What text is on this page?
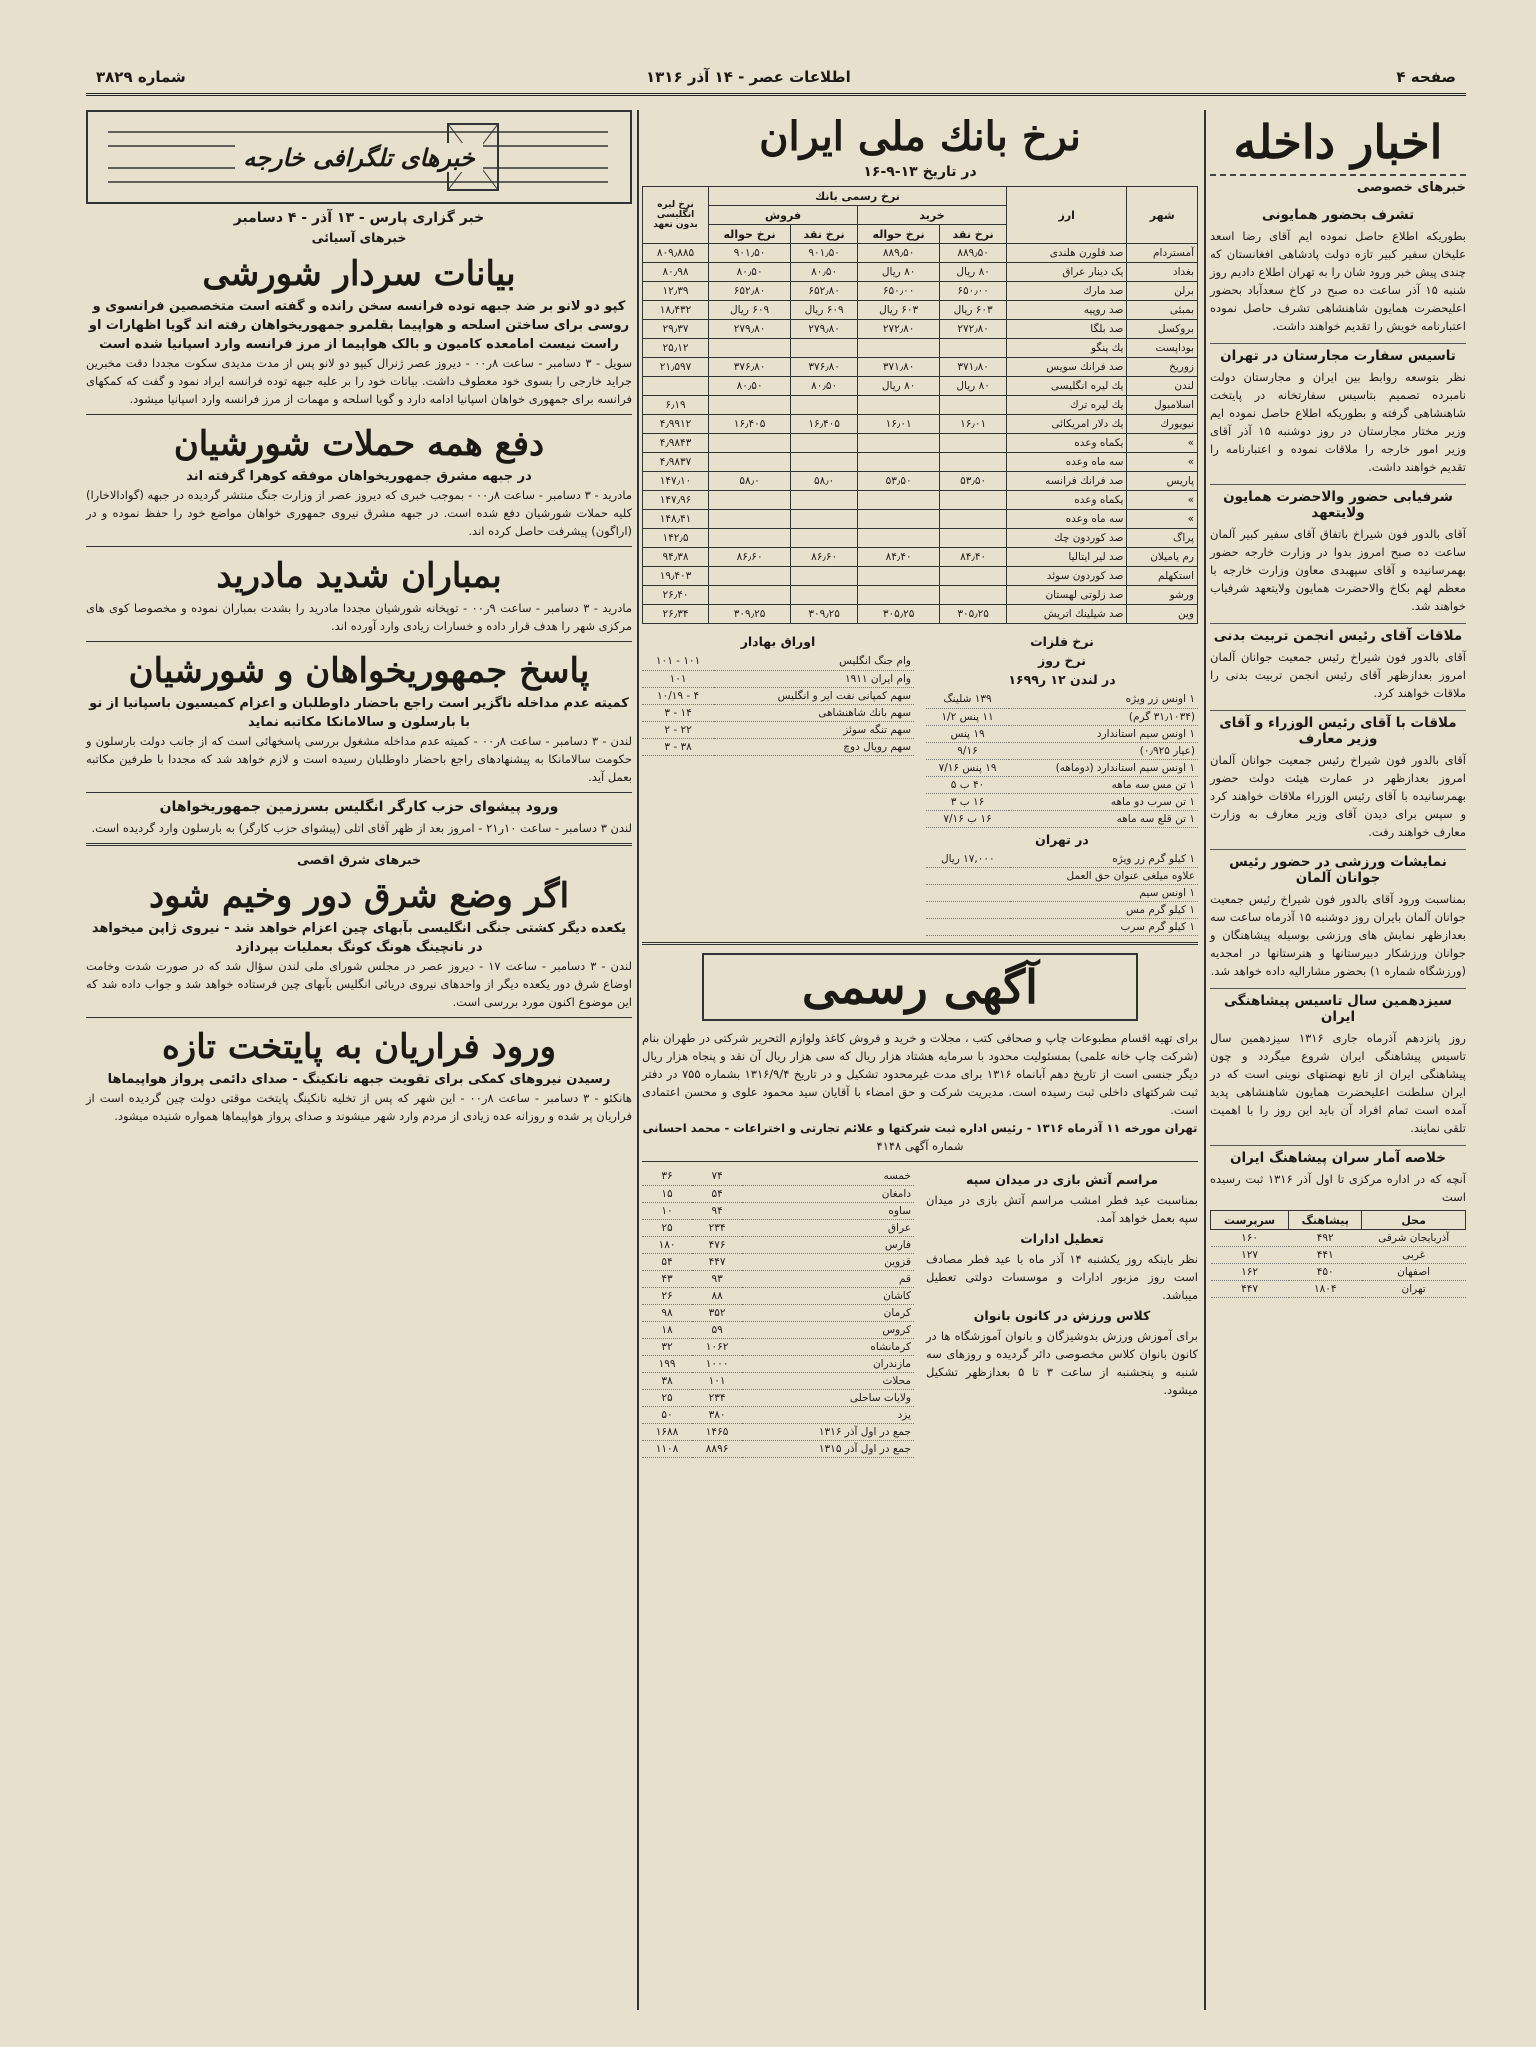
صفحه ۴
اطلاعات عصر - ۱۴ آذر ۱۳۱۶
شماره ۳۸۲۹
اخبار داخله
خبرهای خصوصی
تشرف بحضور همایونی

بطوریکه اطلاع حاصل نموده ایم آقای رضا اسعد علیخان سفیر کبیر تازه دولت پادشاهی افغانستان که چندی پیش خبر ورود شان را به تهران اطلاع دادیم روز شنبه ۱۵ آذر ساعت ده صبح در کاخ سعدآباد بحضور اعلیحضرت همایون شاهنشاهی تشرف حاصل نموده اعتبارنامه خویش را تقدیم خواهند داشت.

تاسیس سفارت مجارستان در تهران

نظر بتوسعه روابط بین ایران و مجارستان دولت نامبرده تصمیم بتاسیس سفارتخانه در پایتخت شاهنشاهی گرفته و بطوریکه اطلاع حاصل نموده ایم وزیر مختار مجارستان در روز دوشنبه ۱۵ آذر آقای وزیر امور خارجه را ملاقات نموده و اعتبارنامه را تقدیم خواهند داشت.

شرفیابی حضور والاحضرت همایون ولایتعهد

آقای بالدور فون شیراخ باتفاق آقای سفیر کبیر آلمان ساعت ده صبح امروز بدوا در وزارت خارجه حضور بهمرسانیده و آقای سپهبدی معاون وزارت خارجه با معظم لهم بکاخ والاحضرت همایون ولایتعهد شرفیاب خواهند شد.

ملاقات آقای رئیس انجمن تربیت بدنی

آقای بالدور فون شیراخ رئیس جمعیت جوانان آلمان امروز بعدازظهر آقای رئیس انجمن تربیت بدنی را ملاقات خواهند کرد.

ملاقات با آقای رئیس الوزراء و آقای وزیر معارف

آقای بالدور فون شیراخ رئیس جمعیت جوانان آلمان امروز بعدازظهر در عمارت هیئت دولت حضور بهمرسانیده با آقای رئیس الوزراء ملاقات خواهند کرد و سپس برای دیدن آقای وزیر معارف به وزارت معارف خواهند رفت.

نمایشات ورزشی در حضور رئیس جوانان آلمان

بمناسبت ورود آقای بالدور فون شیراخ رئیس جمعیت جوانان آلمان بایران روز دوشنبه ۱۵ آذرماه ساعت سه بعدازظهر نمایش های ورزشی بوسیله پیشاهنگان و جوانان ورزشکار دبیرستانها و هنرستانها در امجدیه (ورزشگاه شماره ۱) بحضور مشارالیه داده خواهد شد.

سیزدهمین سال تاسیس پیشاهنگی ایران

روز پانزدهم آذرماه جاری ۱۳۱۶ سیزدهمین سال تاسیس پیشاهنگی ایران شروع میگردد و چون پیشاهنگی ایران از تابع نهضتهای نوینی است که در ایران سلطنت اعلیحضرت همایون شاهنشاهی پدید آمده است تمام افراد آن باید این روز را با اهمیت تلقی نمایند.

خلاصه آمار سران پیشاهنگ ایران

آنچه که در اداره مرکزی تا اول آذر ۱۳۱۶ ثبت رسیده است

محل	پیشاهنگ	سرپرست
آذربایجان شرقی	۴۹۲	۱۶۰
غربی	۴۴۱	۱۲۷
اصفهان	۴۵۰	۱۶۲
تهران	۱۸۰۴	۴۴۷
نرخ بانك ملی ایران
در تاریخ ۱۳-۹-۱۶
شهر	ارز	نرخ رسمی بانك				نرخ لیره انگلیسی بدون تعهد
		خرید		فروش		
		نرخ نقد	نرخ حواله	نرخ نقد	نرخ حواله	
آمستردام	صد فلورن هلندی	۸۸۹٫۵۰	۸۸۹٫۵۰	۹۰۱٫۵۰	۹۰۱٫۵۰	۸۰۹٫۸۸۵
بغداد	یک دینار عراق	۸۰ ریال	۸۰ ریال	۸۰٫۵۰	۸۰٫۵۰	۸۰٫۹۸
برلن	صد مارك	۶۵۰٫۰۰	۶۵۰٫۰۰	۶۵۲٫۸۰	۶۵۲٫۸۰	۱۲٫۳۹
بمبئی	صد روپیه	۶۰۳ ریال	۶۰۳ ریال	۶۰۹ ریال	۶۰۹ ریال	۱۸٫۴۳۲
بروکسل	صد بلگا	۲۷۲٫۸۰	۲۷۲٫۸۰	۲۷۹٫۸۰	۲۷۹٫۸۰	۲۹٫۳۷
بوداپست	یك پنگو					۲۵٫۱۲
زوریخ	صد فرانك سویس	۳۷۱٫۸۰	۳۷۱٫۸۰	۳۷۶٫۸۰	۳۷۶٫۸۰	۲۱٫۵۹۷
لندن	یك لیره انگلیسی	۸۰ ریال	۸۰ ریال	۸۰٫۵۰	۸۰٫۵۰	
اسلامبول	یك لیره ترك					۶٫۱۹
نیویورك	یك دلار امریکائی	۱۶٫۰۱	۱۶٫۰۱	۱۶٫۴۰۵	۱۶٫۴۰۵	۴٫۹۹۱۲
»	یکماه وعده					۴٫۹۸۴۳
»	سه ماه وعده					۴٫۹۸۳۷
پاریس	صد فرانك فرانسه	۵۳٫۵۰	۵۳٫۵۰	۵۸٫۰	۵۸٫۰	۱۴۷٫۱۰
»	یکماه وعده					۱۴۷٫۹۶
»	سه ماه وعده					۱۴۸٫۴۱
پراگ	صد کوردون چك					۱۴۲٫۵
رم یامیلان	صد لیر ایتالیا	۸۴٫۴۰	۸۴٫۴۰	۸۶٫۶۰	۸۶٫۶۰	۹۴٫۳۸
استکهلم	صد کوردون سوئد					۱۹٫۴۰۳
ورشو	صد زلوتی لهستان					۲۶٫۴۰
وین	صد شیلینك اتریش	۳۰۵٫۲۵	۳۰۵٫۲۵	۳۰۹٫۲۵	۳۰۹٫۲۵	۲۶٫۳۴
نرخ فلزات
نرخ روز
در لندن ۱۲ ر۱۶۹۹
۱ اونس زر ویژه	۱۳۹ شلینگ
(۳۱٫۱۰۳۴ گرم)	۱۱ پنس ۱/۲
۱ اونس سیم استاندارد	۱۹ پنس
(عیار ۰٫۹۲۵)	۹/۱۶
۱ اونس سیم استاندارد (دوماهه)	۱۹ پنس ۷/۱۶
۱ تن مس سه ماهه	۴۰ ب ۵
۱ تن سرب دو ماهه	۱۶ ب ۳
۱ تن قلع سه ماهه	۱۶ ب ۷/۱۶
در تهران
۱ کیلو گرم زر ویژه	۱۷,۰۰۰ ریال
علاوه میلغی عنوان حق العمل	
۱ اونس سیم	
۱ کیلو گرم مس	
۱ کیلو گرم سرب	
اوراق بهادار
وام جنگ انگلیس	۱۰۱ - ۱۰۱
وام ایران ۱۹۱۱	۱۰۱
سهم کمپانی نفت ایر و انگلیس	۴ - ۱۰/۱۹
سهم بانك شاهنشاهی	۱۴ - ۳
سهم تنگه سوئز	۲۲ - ۲
سهم رویال دوچ	۳۸ - ۳
آگهی رسمی

برای تهیه اقسام مطبوعات چاپ و صحافی کتب ، مجلات و خرید و فروش کاغذ ولوازم التحریر شرکتی در طهران بنام (شرکت چاپ خانه علمی) بمسئولیت محدود با سرمایه هشتاد هزار ریال که سی هزار ریال آن نقد و پنجاه هزار ریال دیگر جنسی است از تاریخ دهم آبانماه ۱۳۱۶ برای مدت غیرمحدود تشکیل و در تاریخ ۱۳۱۶/۹/۴ بشماره ۷۵۵ در دفتر ثبت شرکتهای داخلی ثبت رسیده است. مدیریت شرکت و حق امضاء با آقایان سید محمود علوی و محسن اعتمادی است.

تهران مورخه ۱۱ آذرماه ۱۳۱۶ - رئیس اداره ثبت شرکتها و علائم تجارتی و اختراعات - محمد احسانی

شماره آگهی ۴۱۴۸

مراسم آتش بازی در میدان سپه

بمناسبت عید فطر امشب مراسم آتش بازی در میدان سپه بعمل خواهد آمد.

تعطیل ادارات

نظر باینکه روز یکشنبه ۱۴ آذر ماه با عید فطر مصادف است روز مزبور ادارات و موسسات دولتی تعطیل میباشد.

کلاس ورزش در کانون بانوان

برای آموزش ورزش بدوشیزگان و بانوان آموزشگاه ها در کانون بانوان کلاس مخصوصی دائر گردیده و روزهای سه شنبه و پنجشنبه از ساعت ۳ تا ۵ بعدازظهر تشکیل میشود.

خمسه	۷۴	۳۶
دامغان	۵۴	۱۵
ساوه	۹۴	۱۰
عراق	۲۳۴	۲۵
فارس	۴۷۶	۱۸۰
قزوین	۴۴۷	۵۴
قم	۹۳	۴۳
کاشان	۸۸	۲۶
کرمان	۳۵۲	۹۸
کروس	۵۹	۱۸
کرمانشاه	۱۰۶۲	۳۲
مازندران	۱۰۰۰	۱۹۹
محلات	۱۰۱	۳۸
ولایات ساحلی	۲۳۴	۲۵
یزد	۳۸۰	۵۰
جمع در اول آذر ۱۳۱۶	۱۴۶۵	۱۶۸۸
جمع در اول آذر ۱۳۱۵	۸۸۹۶	۱۱۰۸
خبرهای تلگرافی خارجه
خبر گزاری پارس - ۱۳ آذر - ۴ دسامبر
خبرهای آسیائی
بیانات سردار شورشی
کپو دو لانو بر ضد جبهه توده فرانسه سخن رانده و گفته است متخصصین فرانسوی و روسی برای ساختن اسلحه و هواپیما بقلمرو جمهوریخواهان رفته اند گویا اظهارات او راست نیست امامعده کامیون و بالک هواپیما از مرز فرانسه وارد اسپانیا شده است

سویل - ۳ دسامبر - ساعت ۸ر۰۰ - دیروز عصر ژنرال کیپو دو لانو پس از مدت مدیدی سکوت مجددا دقت مخبرین جراید خارجی را بسوی خود معطوف داشت. بیانات خود را بر علیه جبهه توده فرانسه ایراد نمود و گفت که کمکهای فرانسه برای جمهوری خواهان اسپانیا ادامه دارد و گویا اسلحه و مهمات از مرز فرانسه وارد اسپانیا میشود.

دفع همه حملات شورشیان
در جبهه مشرق جمهوریخواهان موفقه کوهرا گرفته اند

مادرید - ۳ دسامبر - ساعت ۸ر۰۰ - بموجب خبری که دیروز عصر از وزارت جنگ منتشر گردیده در جبهه (گوادالاخارا) کلیه حملات شورشیان دفع شده است. در جبهه مشرق نیروی جمهوری خواهان مواضع خود را حفظ نموده و در (اراگون) پیشرفت حاصل کرده اند.

بمباران شدید مادرید

مادرید - ۳ دسامبر - ساعت ۹ر۰۰ - توپخانه شورشیان مجددا مادرید را بشدت بمباران نموده و مخصوصا کوی های مرکزی شهر را هدف قرار داده و خسارات زیادی وارد آورده اند.

پاسخ جمهوریخواهان و شورشیان
کمیته عدم مداخله ناگزیر است راجع باحضار داوطلبان و اعزام کمیسیون باسپانیا از نو با بارسلون و سالامانکا مکاتبه نماید

لندن - ۳ دسامبر - ساعت ۸ر۰۰ - کمیته عدم مداخله مشغول بررسی پاسخهائی است که از جانب دولت بارسلون و حکومت سالامانکا به پیشنهادهای راجع باحضار داوطلبان رسیده است و لازم خواهد شد که مجددا با طرفین مکاتبه بعمل آید.

ورود پیشوای حزب کارگر انگلیس بسرزمین جمهوریخواهان

لندن ۳ دسامبر - ساعت ۱۰ر۲۱ - امروز بعد از ظهر آقای اتلی (پیشوای حزب کارگر) به بارسلون وارد گردیده است.

خبرهای شرق اقصی
اگر وضع شرق دور وخیم شود
یکعده دیگر کشتی جنگی انگلیسی بآبهای چین اعزام خواهد شد - نیروی ژاپن میخواهد در نانچینگ هونگ کونگ بعملیات بپردازد

لندن - ۳ دسامبر - ساعت ۱۷ - دیروز عصر در مجلس شورای ملی لندن سؤال شد که در صورت شدت وخامت اوضاع شرق دور یکعده دیگر از واحدهای نیروی دریائی انگلیس بآبهای چین فرستاده خواهد شد و جواب داده شد که این موضوع اکنون مورد بررسی است.

ورود فراریان به پایتخت تازه
رسیدن نیروهای کمکی برای تقویت جبهه نانکینگ - صدای دائمی پرواز هواپیماها

هانکئو - ۳ دسامبر - ساعت ۸ر۰۰ - این شهر که پس از تخلیه نانکینگ پایتخت موقتی دولت چین گردیده است از فراریان پر شده و روزانه عده زیادی از مردم وارد شهر میشوند و صدای پرواز هواپیماها همواره شنیده میشود.
